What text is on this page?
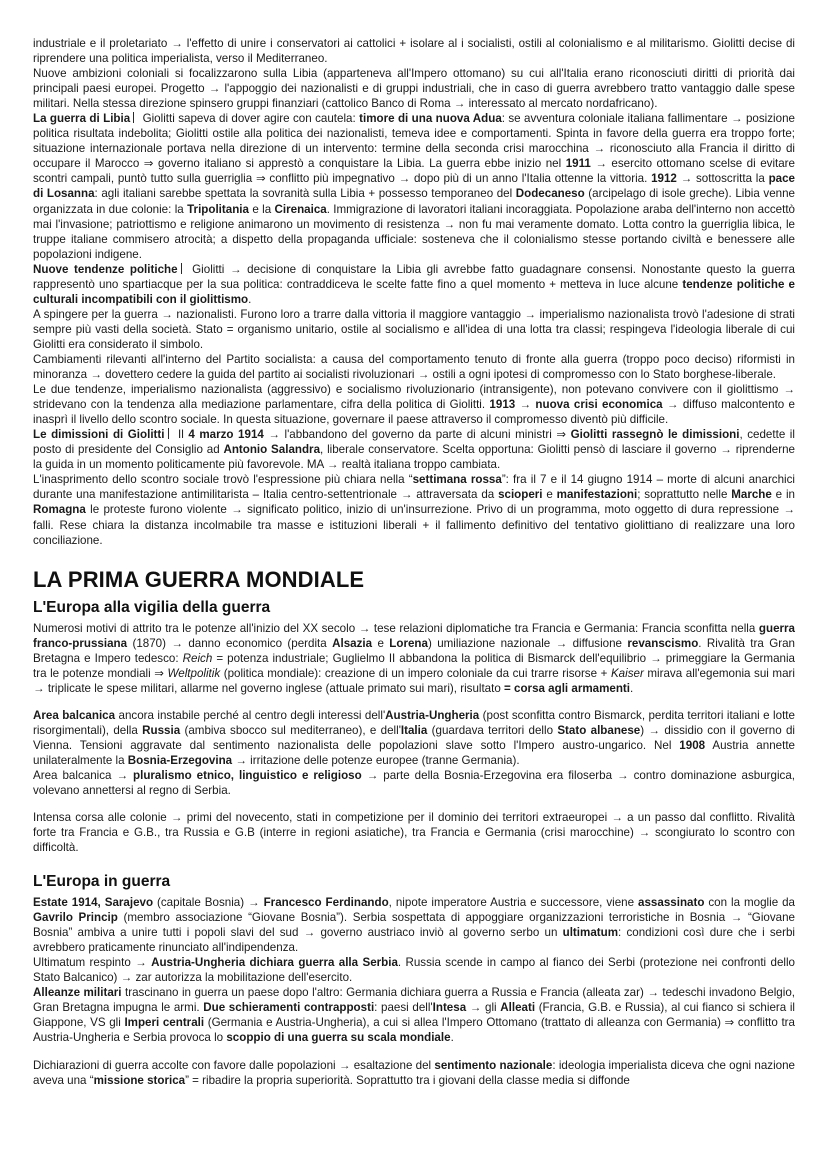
industriale e il proletariato → l'effetto di unire i conservatori ai cattolici + isolare al i socialisti, ostili al colonialismo e al militarismo. Giolitti decise di riprendere una politica imperialista, verso il Mediterraneo.

Nuove ambizioni coloniali si focalizzarono sulla Libia (apparteneva all'Impero ottomano) su cui all'Italia erano riconosciuti diritti di priorità dai principali paesi europei. Progetto → l'appoggio dei nazionalisti e di gruppi industriali, che in caso di guerra avrebbero tratto vantaggio dalle spese militari. Nella stessa direzione spinsero gruppi finanziari (cattolico Banco di Roma → interessato al mercato nordafricano).

La guerra di Libia Giolitti sapeva di dover agire con cautela: timore di una nuova Adua: se avventura coloniale italiana fallimentare → posizione politica risultata indebolita; Giolitti ostile alla politica dei nazionalisti, temeva idee e comportamenti. Spinta in favore della guerra era troppo forte; situazione internazionale portava nella direzione di un intervento: termine della seconda crisi marocchina → riconosciuto alla Francia il diritto di occupare il Marocco ⇒ governo italiano si apprestò a conquistare la Libia. La guerra ebbe inizio nel 1911 → esercito ottomano scelse di evitare scontri campali, puntò tutto sulla guerriglia ⇒ conflitto più impegnativo → dopo più di un anno l'Italia ottenne la vittoria. 1912 → sottoscritta la pace di Losanna: agli italiani sarebbe spettata la sovranità sulla Libia + possesso temporaneo del Dodecaneso (arcipelago di isole greche). Libia venne organizzata in due colonie: la Tripolitania e la Cirenaica. Immigrazione di lavoratori italiani incoraggiata. Popolazione araba dell'interno non accettò mai l'invasione; patriottismo e religione animarono un movimento di resistenza → non fu mai veramente domato. Lotta contro la guerriglia libica, le truppe italiane commisero atrocità; a dispetto della propaganda ufficiale: sosteneva che il colonialismo stesse portando civiltà e benessere alle popolazioni indigene.

Nuove tendenze politiche Giolitti → decisione di conquistare la Libia gli avrebbe fatto guadagnare consensi. Nonostante questo la guerra rappresentò uno spartiacque per la sua politica: contraddiceva le scelte fatte fino a quel momento + metteva in luce alcune tendenze politiche e culturali incompatibili con il giolittismo.

A spingere per la guerra → nazionalisti. Furono loro a trarre dalla vittoria il maggiore vantaggio → imperialismo nazionalista trovò l'adesione di strati sempre più vasti della società. Stato = organismo unitario, ostile al socialismo e all'idea di una lotta tra classi; respingeva l'ideologia liberale di cui Giolitti era considerato il simbolo.

Cambiamenti rilevanti all'interno del Partito socialista: a causa del comportamento tenuto di fronte alla guerra (troppo poco deciso) riformisti in minoranza → dovettero cedere la guida del partito ai socialisti rivoluzionari → ostili a ogni ipotesi di compromesso con lo Stato borghese-liberale.

Le due tendenze, imperialismo nazionalista (aggressivo) e socialismo rivoluzionario (intransigente), non potevano convivere con il giolittismo → stridevano con la tendenza alla mediazione parlamentare, cifra della politica di Giolitti. 1913 → nuova crisi economica → diffuso malcontento e inasprì il livello dello scontro sociale. In questa situazione, governare il paese attraverso il compromesso diventò più difficile.

Le dimissioni di Giolitti Il 4 marzo 1914 → l'abbandono del governo da parte di alcuni ministri ⇒ Giolitti rassegnò le dimissioni, cedette il posto di presidente del Consiglio ad Antonio Salandra, liberale conservatore. Scelta opportuna: Giolitti pensò di lasciare il governo → riprenderne la guida in un momento politicamente più favorevole. MA → realtà italiana troppo cambiata.

L'inasprimento dello scontro sociale trovò l'espressione più chiara nella “settimana rossa”: fra il 7 e il 14 giugno 1914 – morte di alcuni anarchici durante una manifestazione antimilitarista – Italia centro-settentrionale → attraversata da scioperi e manifestazioni; soprattutto nelle Marche e in Romagna le proteste furono violente → significato politico, inizio di un'insurrezione. Privo di un programma, moto oggetto di dura repressione → falli. Rese chiara la distanza incolmabile tra masse e istituzioni liberali + il fallimento definitivo del tentativo giolittiano di realizzare una loro conciliazione.

LA PRIMA GUERRA MONDIALE
L'Europa alla vigilia della guerra

Numerosi motivi di attrito tra le potenze all'inizio del XX secolo → tese relazioni diplomatiche tra Francia e Germania: Francia sconfitta nella guerra franco-prussiana (1870) → danno economico (perdita Alsazia e Lorena) umiliazione nazionale → diffusione revanscismo. Rivalità tra Gran Bretagna e Impero tedesco: Reich = potenza industriale; Guglielmo II abbandona la politica di Bismarck dell'equilibrio → primeggiare la Germania tra le potenze mondiali ⇒ Weltpolitik (politica mondiale): creazione di un impero coloniale da cui trarre risorse + Kaiser mirava all'egemonia sui mari → triplicate le spese militari, allarme nel governo inglese (attuale primato sui mari), risultato = corsa agli armamenti.

Area balcanica ancora instabile perché al centro degli interessi dell'Austria-Ungheria (post sconfitta contro Bismarck, perdita territori italiani e lotte risorgimentali), della Russia (ambiva sbocco sul mediterraneo), e dell'Italia (guardava territori dello Stato albanese) → dissidio con il governo di Vienna. Tensioni aggravate dal sentimento nazionalista delle popolazioni slave sotto l'Impero austro-ungarico. Nel 1908 Austria annette unilateralmente la Bosnia-Erzegovina → irritazione delle potenze europee (tranne Germania).

Area balcanica → pluralismo etnico, linguistico e religioso → parte della Bosnia-Erzegovina era filoserba → contro dominazione asburgica, volevano annettersi al regno di Serbia.

Intensa corsa alle colonie → primi del novecento, stati in competizione per il dominio dei territori extraeuropei → a un passo dal conflitto. Rivalità forte tra Francia e G.B., tra Russia e G.B (interre in regioni asiatiche), tra Francia e Germania (crisi marocchine) → scongiurato lo scontro con difficoltà.

L'Europa in guerra

Estate 1914, Sarajevo (capitale Bosnia) → Francesco Ferdinando, nipote imperatore Austria e successore, viene assassinato con la moglie da Gavrilo Princip (membro associazione “Giovane Bosnia”). Serbia sospettata di appoggiare organizzazioni terroristiche in Bosnia → “Giovane Bosnia” ambiva a unire tutti i popoli slavi del sud → governo austriaco inviò al governo serbo un ultimatum: condizioni così dure che i serbi avrebbero praticamente rinunciato all'indipendenza.

Ultimatum respinto → Austria-Ungheria dichiara guerra alla Serbia. Russia scende in campo al fianco dei Serbi (protezione nei confronti dello Stato Balcanico) → zar autorizza la mobilitazione dell'esercito.

Alleanze militari trascinano in guerra un paese dopo l'altro: Germania dichiara guerra a Russia e Francia (alleata zar) → tedeschi invadono Belgio, Gran Bretagna impugna le armi. Due schieramenti contrapposti: paesi dell'Intesa → gli Alleati (Francia, G.B. e Russia), al cui fianco si schiera il Giappone, VS gli Imperi centrali (Germania e Austria-Ungheria), a cui si allea l'Impero Ottomano (trattato di alleanza con Germania) ⇒ conflitto tra Austria-Ungheria e Serbia provoca lo scoppio di una guerra su scala mondiale.

Dichiarazioni di guerra accolte con favore dalle popolazioni → esaltazione del sentimento nazionale: ideologia imperialista diceva che ogni nazione aveva una “missione storica” = ribadire la propria superiorità. Soprattutto tra i giovani della classe media si diffonde
